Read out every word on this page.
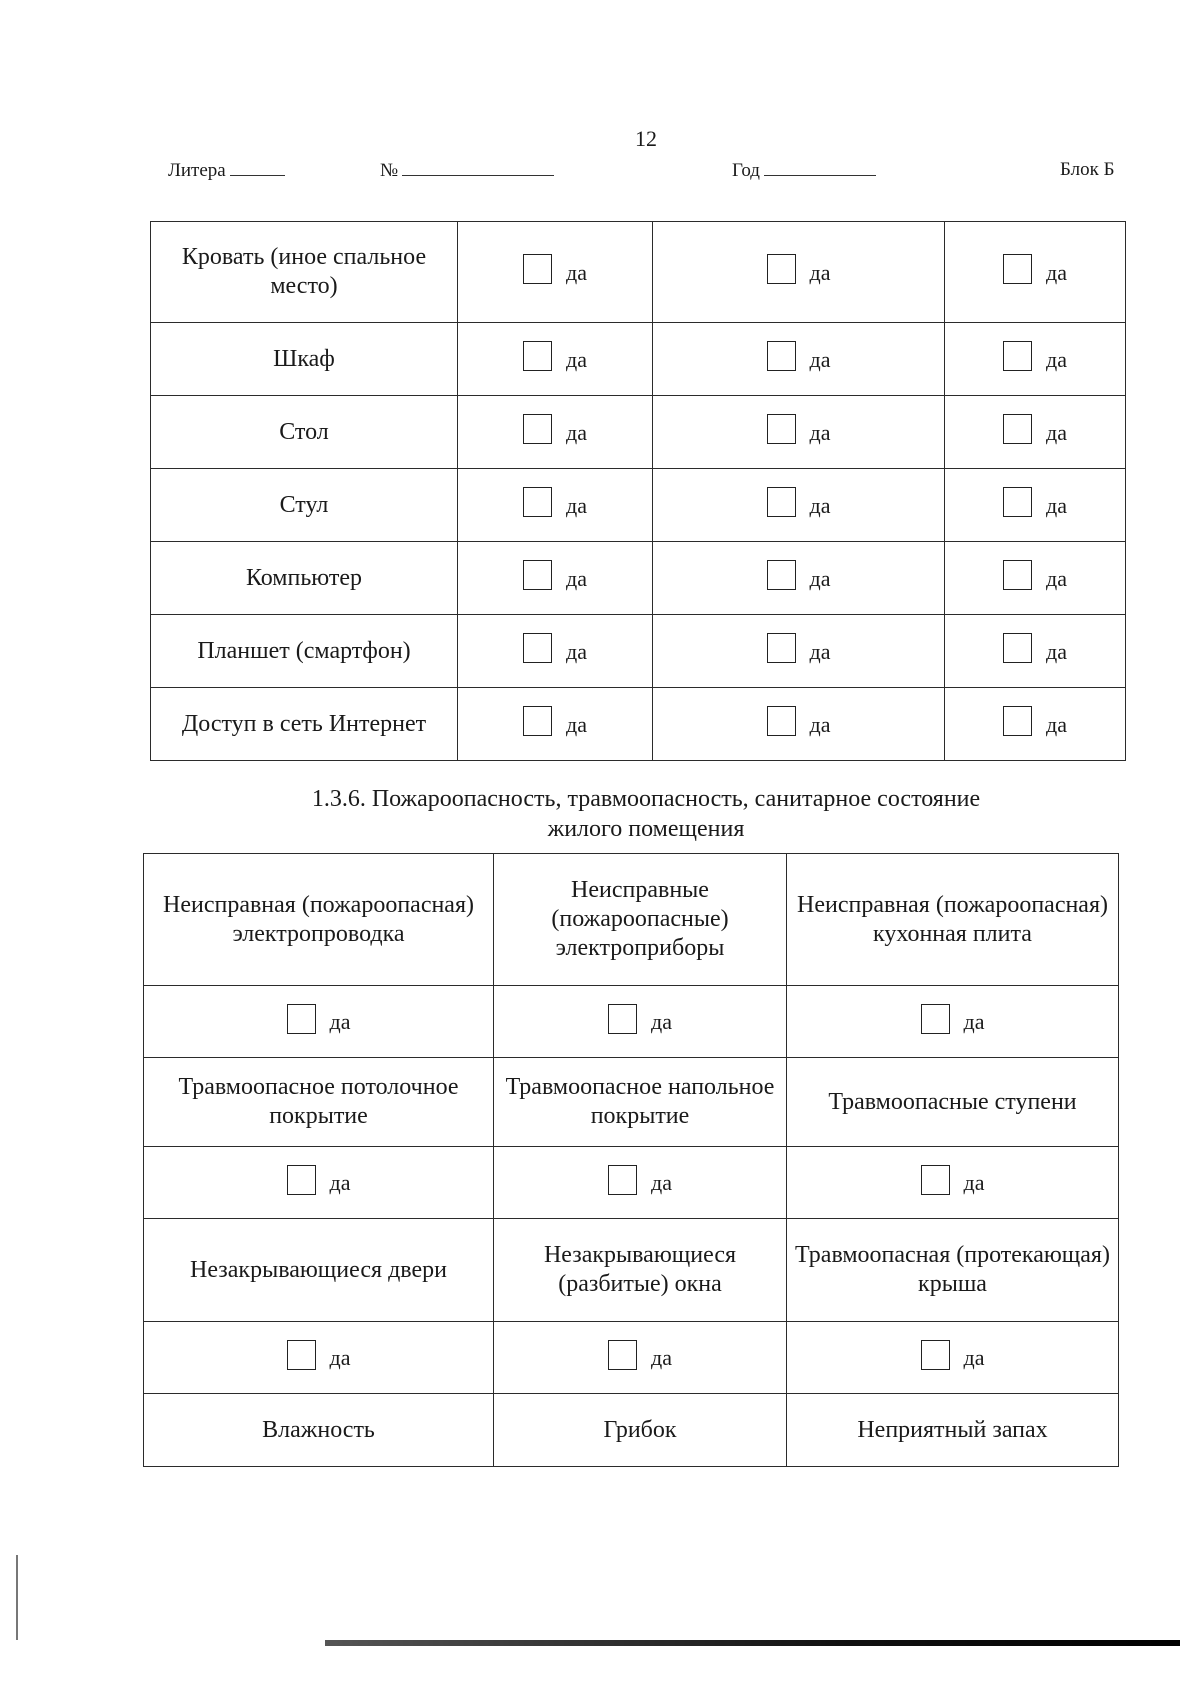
12
Литера	№	Год	Блок Б
Кровать (иное спальное место)	да	да	да
Шкаф	да	да	да
Стол	да	да	да
Стул	да	да	да
Компьютер	да	да	да
Планшет (смартфон)	да	да	да
Доступ в сеть Интернет	да	да	да
1.3.6. Пожароопасность, травмоопасность, санитарное состояние
жилого помещения
Неисправная (пожароопасная) электропроводка	Неисправные (пожароопасные) электроприборы	Неисправная (пожароопасная) кухонная плита
да	да	да
Травмоопасное потолочное покрытие	Травмоопасное напольное покрытие	Травмоопасные ступени
да	да	да
Незакрывающиеся двери	Незакрывающиеся (разбитые) окна	Травмоопасная (протекающая) крыша
да	да	да
Влажность	Грибок	Неприятный запах
